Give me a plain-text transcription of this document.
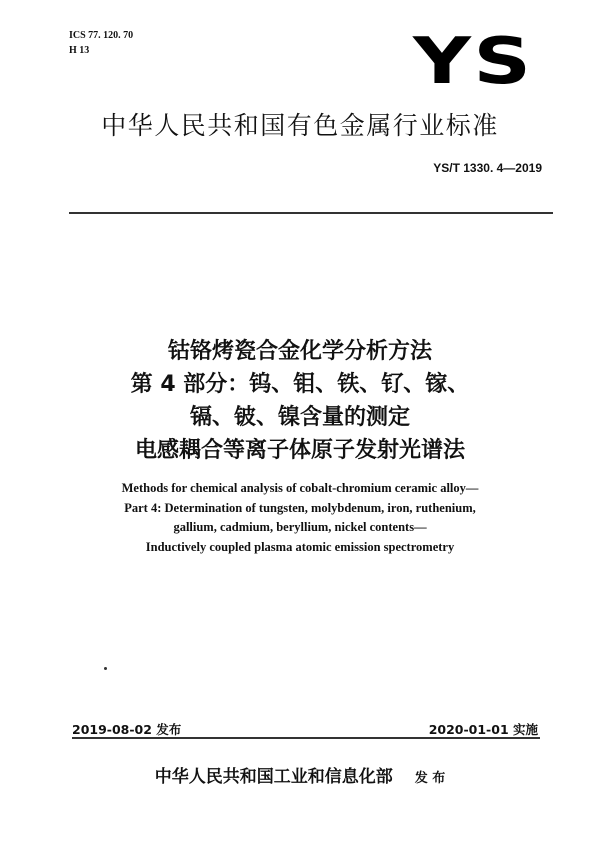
ICS 77. 120. 70
H 13	YS
中华人民共和国有色金属行业标准
YS/T 1330. 4—2019
钴铬烤瓷合金化学分析方法
第 4 部分：钨、钼、铁、钌、镓、
镉、铍、镍含量的测定
电感耦合等离子体原子发射光谱法
Methods for chemical analysis of cobalt-chromium ceramic alloy—
Part 4: Determination of tungsten, molybdenum, iron, ruthenium,
gallium, cadmium, beryllium, nickel contents—
Inductively coupled plasma atomic emission spectrometry
2019-08-02 发布	2020-01-01 实施
中华人民共和国工业和信息化部 发 布
